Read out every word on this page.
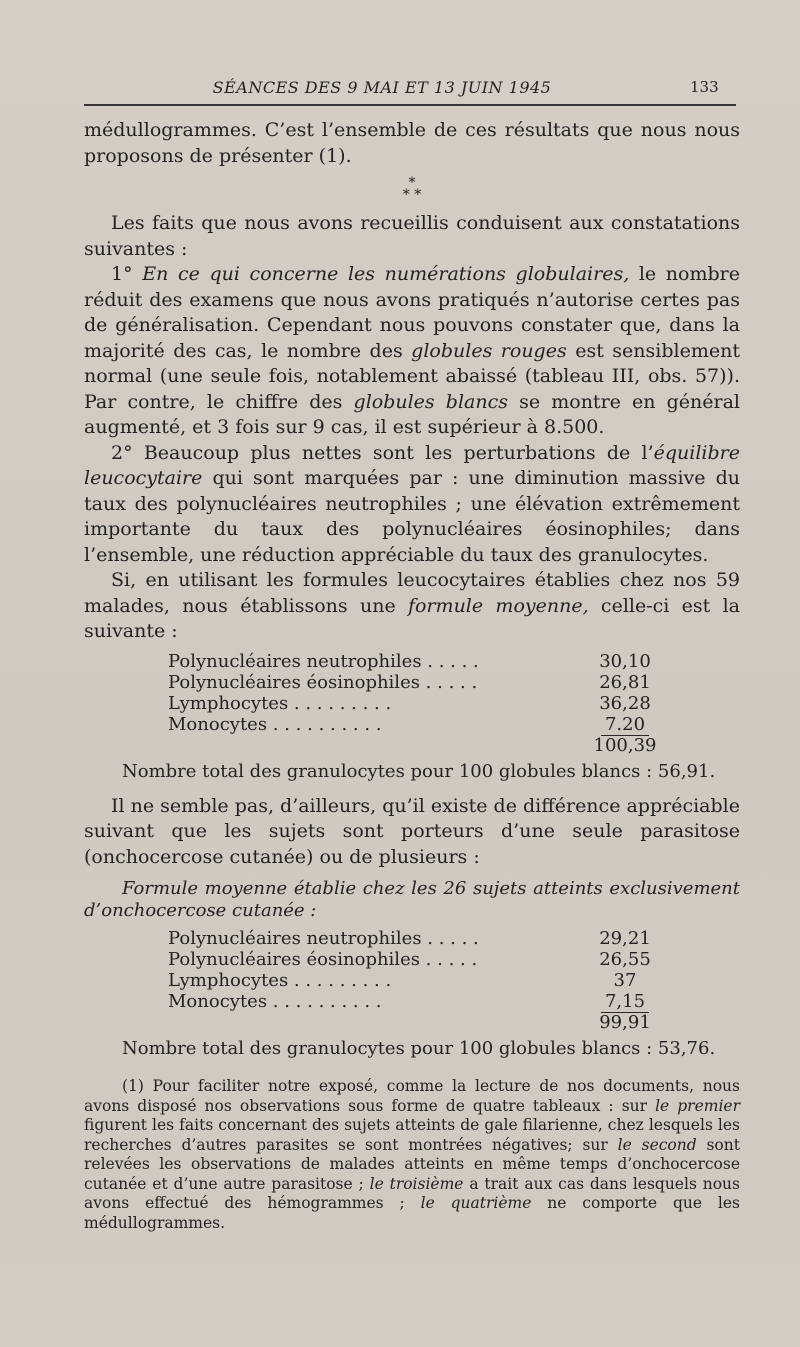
SÉANCES DES 9 MAI ET 13 JUIN 1945	133

médullogrammes. C’est l’ensemble de ces résultats que nous nous proposons de présenter (1).

*
* *

Les faits que nous avons recueillis conduisent aux constatations suivantes :

1° En ce qui concerne les numérations globulaires, le nombre réduit des examens que nous avons pratiqués n’autorise certes pas de généralisation. Cependant nous pouvons constater que, dans la majorité des cas, le nombre des globules rouges est sensiblement normal (une seule fois, notablement abaissé (tableau III, obs. 57)). Par contre, le chiffre des globules blancs se montre en général augmenté, et 3 fois sur 9 cas, il est supérieur à 8.500.

2° Beaucoup plus nettes sont les perturbations de l’équilibre leucocytaire qui sont marquées par : une diminution massive du taux des polynucléaires neutrophiles ; une élévation extrêmement importante du taux des polynucléaires éosinophiles; dans l’ensemble, une réduction appréciable du taux des granulocytes.

Si, en utilisant les formules leucocytaires établies chez nos 59 malades, nous établissons une formule moyenne, celle-ci est la suivante :

Polynucléaires neutrophiles . . . . .	30,10
Polynucléaires éosinophiles . . . . .	26,81
Lymphocytes . . . . . . . . .	36,28
Monocytes . . . . . . . . . .	7.20
100,39

Nombre total des granulocytes pour 100 globules blancs : 56,91.

Il ne semble pas, d’ailleurs, qu’il existe de différence appréciable suivant que les sujets sont porteurs d’une seule parasitose (onchocercose cutanée) ou de plusieurs :

Formule moyenne établie chez les 26 sujets atteints exclusivement d’onchocercose cutanée :

Polynucléaires neutrophiles . . . . .	29,21
Polynucléaires éosinophiles . . . . .	26,55
Lymphocytes . . . . . . . . .	37
Monocytes . . . . . . . . . .	7,15
99,91

Nombre total des granulocytes pour 100 globules blancs : 53,76.

(1) Pour faciliter notre exposé, comme la lecture de nos documents, nous avons disposé nos observations sous forme de quatre tableaux : sur le premier figurent les faits concernant des sujets atteints de gale filarienne, chez lesquels les recherches d’autres parasites se sont montrées négatives; sur le second sont relevées les observations de malades atteints en même temps d’onchocercose cutanée et d’une autre parasitose ; le troisième a trait aux cas dans lesquels nous avons effectué des hémogrammes ; le quatrième ne comporte que les médullogrammes.
